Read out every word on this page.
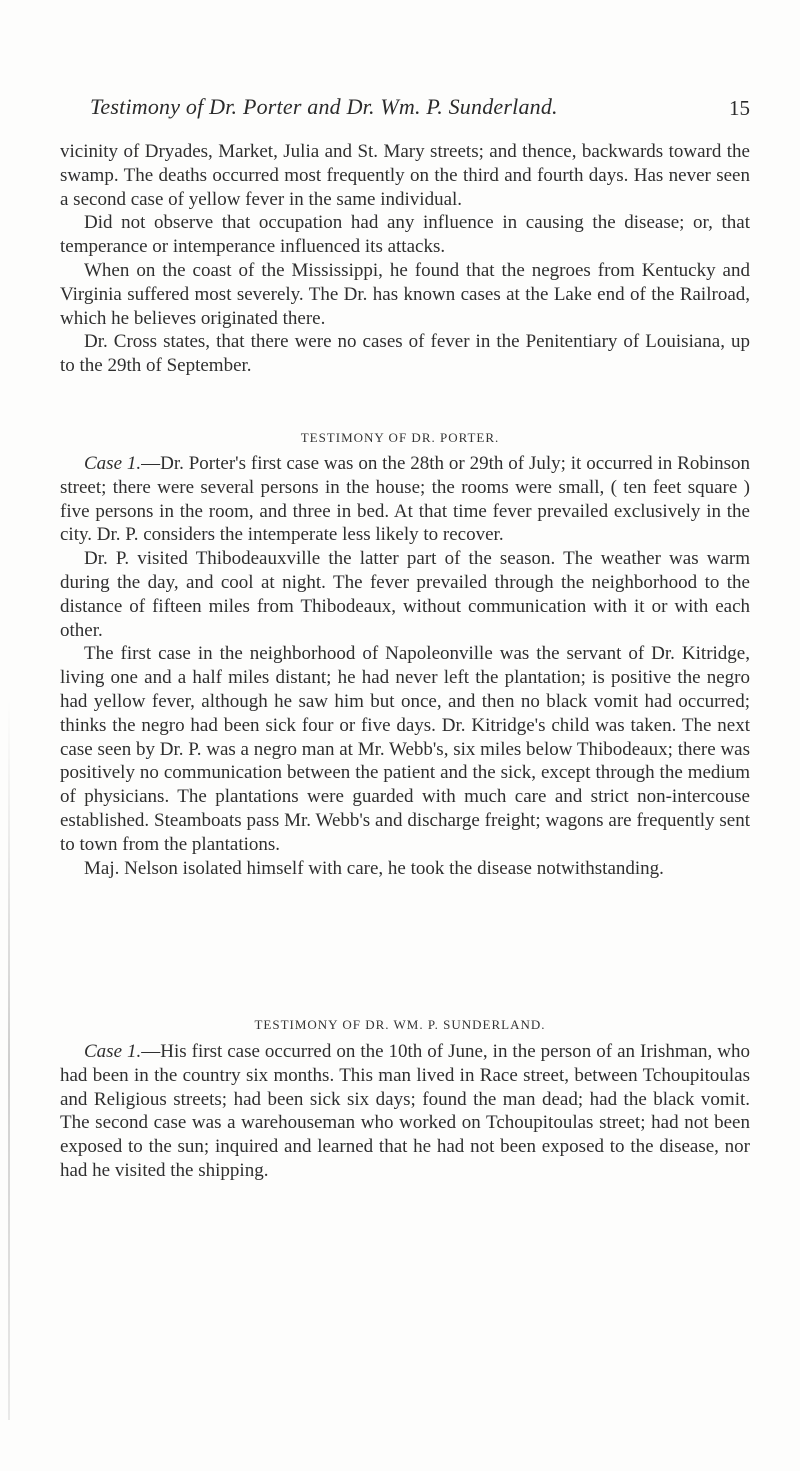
Testimony of Dr. Porter and Dr. Wm. P. Sunderland.	15

vicinity of Dryades, Market, Julia and St. Mary streets; and thence, backwards toward the swamp. The deaths occurred most frequently on the third and fourth days. Has never seen a second case of yellow fever in the same individual.

Did not observe that occupation had any influence in causing the disease; or, that temperance or intemperance influenced its attacks.

When on the coast of the Mississippi, he found that the negroes from Kentucky and Virginia suffered most severely. The Dr. has known cases at the Lake end of the Railroad, which he believes originated there.

Dr. Cross states, that there were no cases of fever in the Penitentiary of Louisiana, up to the 29th of September.

TESTIMONY OF DR. PORTER.

Case 1.—Dr. Porter's first case was on the 28th or 29th of July; it occurred in Robinson street; there were several persons in the house; the rooms were small, ( ten feet square ) five persons in the room, and three in bed. At that time fever prevailed exclusively in the city. Dr. P. considers the intemperate less likely to recover.

Dr. P. visited Thibodeauxville the latter part of the season. The weather was warm during the day, and cool at night. The fever prevailed through the neighborhood to the distance of fifteen miles from Thibodeaux, without communication with it or with each other.

The first case in the neighborhood of Napoleonville was the servant of Dr. Kitridge, living one and a half miles distant; he had never left the plantation; is positive the negro had yellow fever, although he saw him but once, and then no black vomit had occurred; thinks the negro had been sick four or five days. Dr. Kitridge's child was taken. The next case seen by Dr. P. was a negro man at Mr. Webb's, six miles below Thibodeaux; there was positively no communication between the patient and the sick, except through the medium of physicians. The plantations were guarded with much care and strict non-intercouse established. Steamboats pass Mr. Webb's and discharge freight; wagons are frequently sent to town from the plantations.

Maj. Nelson isolated himself with care, he took the disease notwithstanding.

TESTIMONY OF DR. WM. P. SUNDERLAND.

Case 1.—His first case occurred on the 10th of June, in the person of an Irishman, who had been in the country six months. This man lived in Race street, between Tchoupitoulas and Religious streets; had been sick six days; found the man dead; had the black vomit. The second case was a warehouseman who worked on Tchoupitoulas street; had not been exposed to the sun; inquired and learned that he had not been exposed to the disease, nor had he visited the shipping.
